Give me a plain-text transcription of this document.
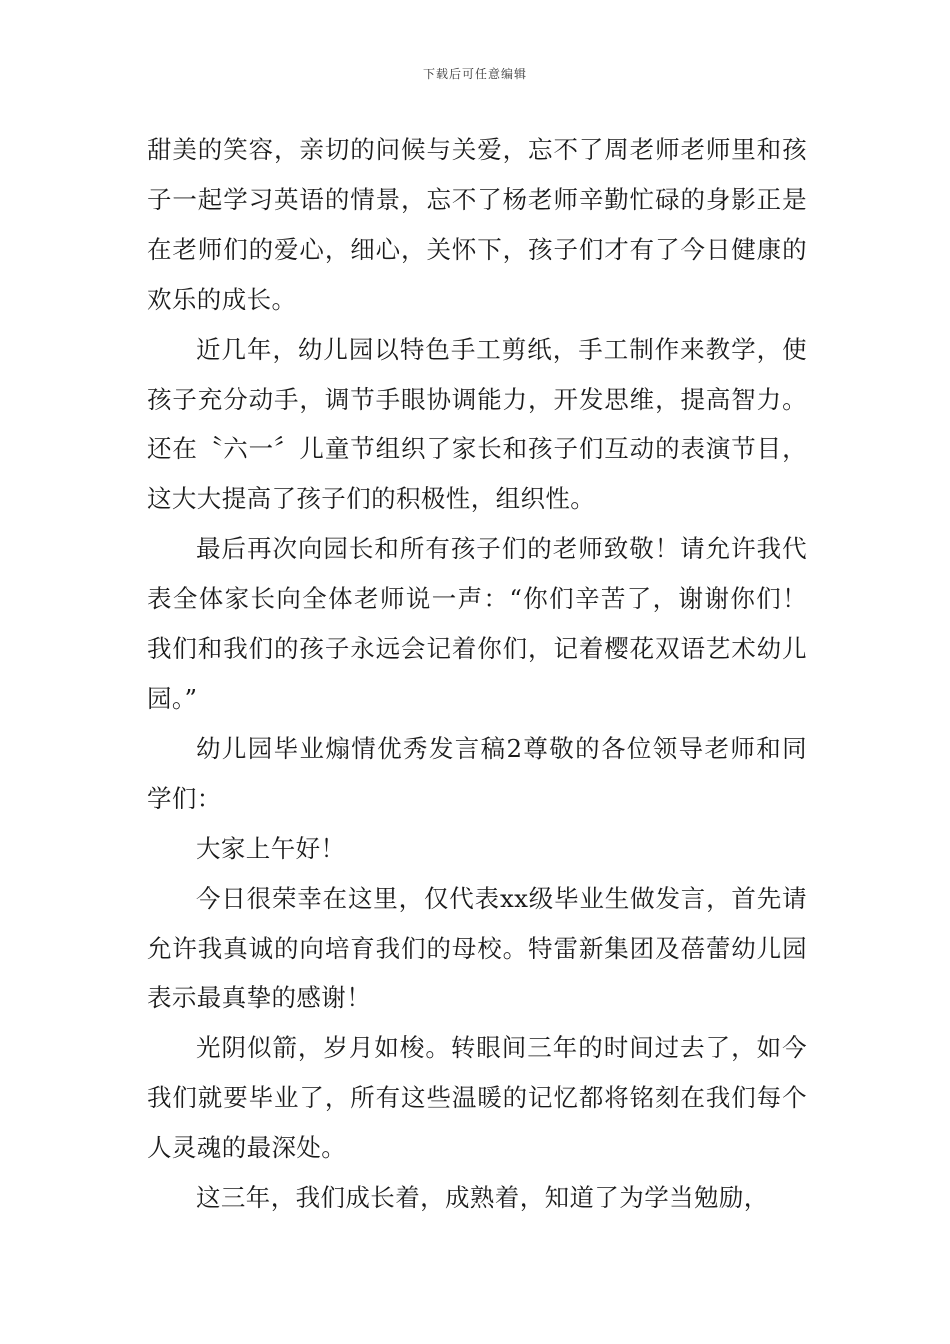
下载后可任意编辑

甜美的笑容，亲切的问候与关爱，忘不了周老师老师里和孩子一起学习英语的情景，忘不了杨老师辛勤忙碌的身影正是在老师们的爱心，细心，关怀下，孩子们才有了今日健康的欢乐的成长。

近几年，幼儿园以特色手工剪纸，手工制作来教学，使孩子充分动手，调节手眼协调能力，开发思维，提高智力。还在〝六一〞儿童节组织了家长和孩子们互动的表演节目，这大大提高了孩子们的积极性，组织性。

最后再次向园长和所有孩子们的老师致敬！请允许我代表全体家长向全体老师说一声：“你们辛苦了，谢谢你们！我们和我们的孩子永远会记着你们，记着樱花双语艺术幼儿园。”

幼儿园毕业煽情优秀发言稿2尊敬的各位领导老师和同学们：

大家上午好！

今日很荣幸在这里，仅代表xx级毕业生做发言，首先请允许我真诚的向培育我们的母校。特雷新集团及蓓蕾幼儿园表示最真挚的感谢！

光阴似箭，岁月如梭。转眼间三年的时间过去了，如今我们就要毕业了，所有这些温暖的记忆都将铭刻在我们每个人灵魂的最深处。

这三年，我们成长着，成熟着，知道了为学当勉励，
